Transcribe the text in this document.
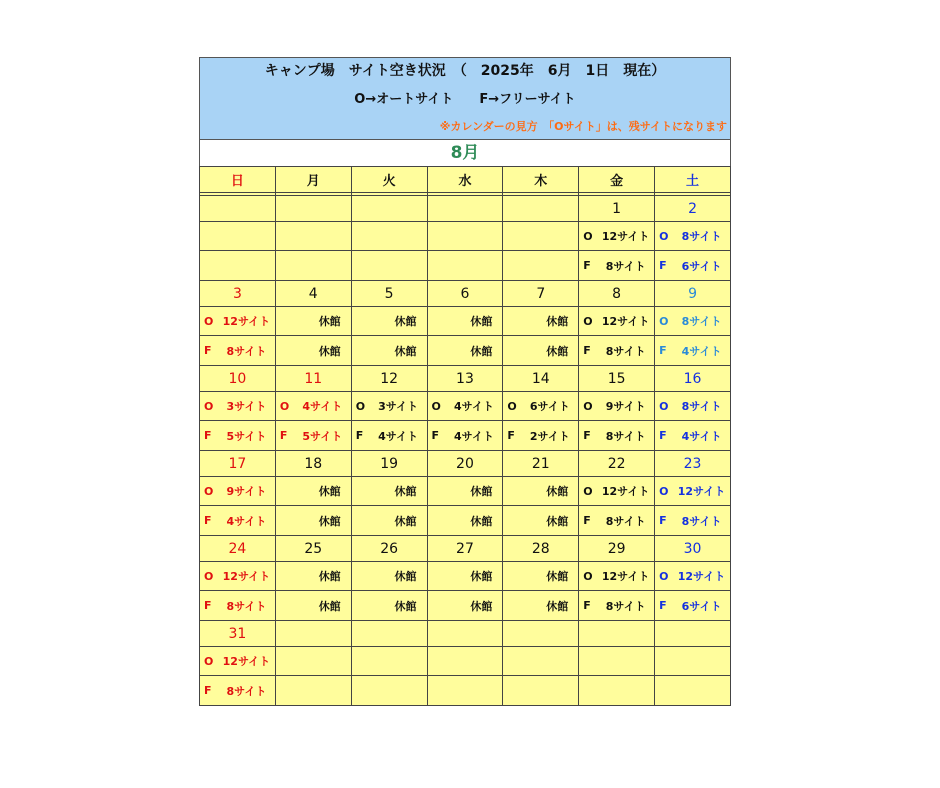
キャンプ場　サイト空き状況　（　2025年　6月　1日　現在）
O→オートサイト　　F→フリーサイト
※カレンダーの見方　「Oサイト」は、残サイトになります
8月
日	月	火	水	木	金	土

					1	2

					O 12サイト	O 8サイト

					F 8サイト	F 6サイト

3	4	5	6	7	8	9

O 12サイト	休館	休館	休館	休館	O 12サイト	O 8サイト

F 8サイト	休館	休館	休館	休館	F 8サイト	F 4サイト

10	11	12	13	14	15	16

O 3サイト	O 4サイト	O 3サイト	O 4サイト	O 6サイト	O 9サイト	O 8サイト

F 5サイト	F 5サイト	F 4サイト	F 4サイト	F 2サイト	F 8サイト	F 4サイト

17	18	19	20	21	22	23

O 9サイト	休館	休館	休館	休館	O 12サイト	O 12サイト

F 4サイト	休館	休館	休館	休館	F 8サイト	F 8サイト

24	25	26	27	28	29	30

O 12サイト	休館	休館	休館	休館	O 12サイト	O 12サイト

F 8サイト	休館	休館	休館	休館	F 8サイト	F 6サイト

31						

O 12サイト						

F 8サイト						
